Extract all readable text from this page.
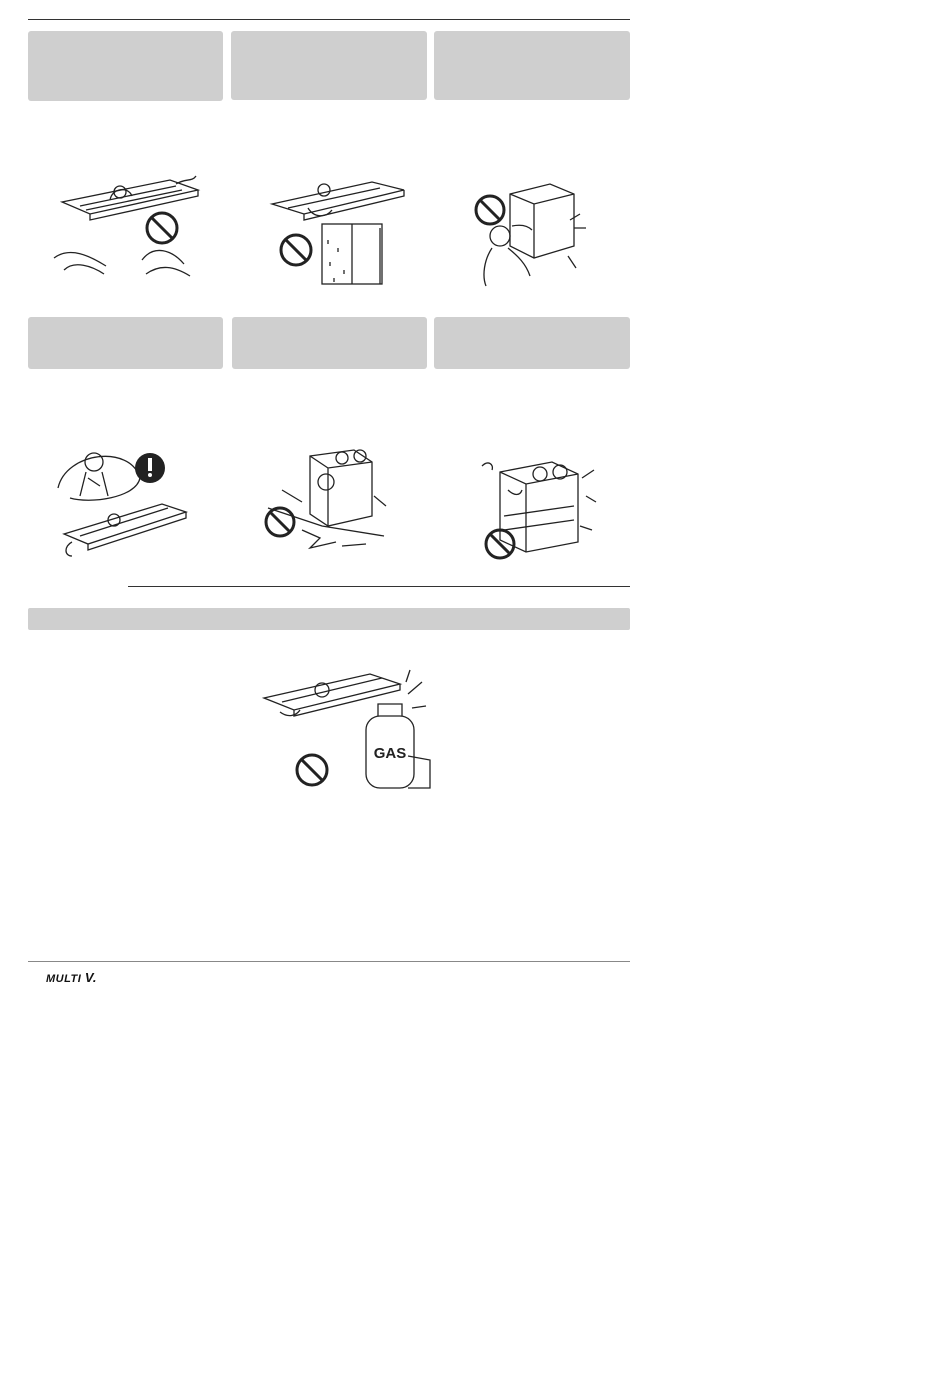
GAS
MULTI V.
